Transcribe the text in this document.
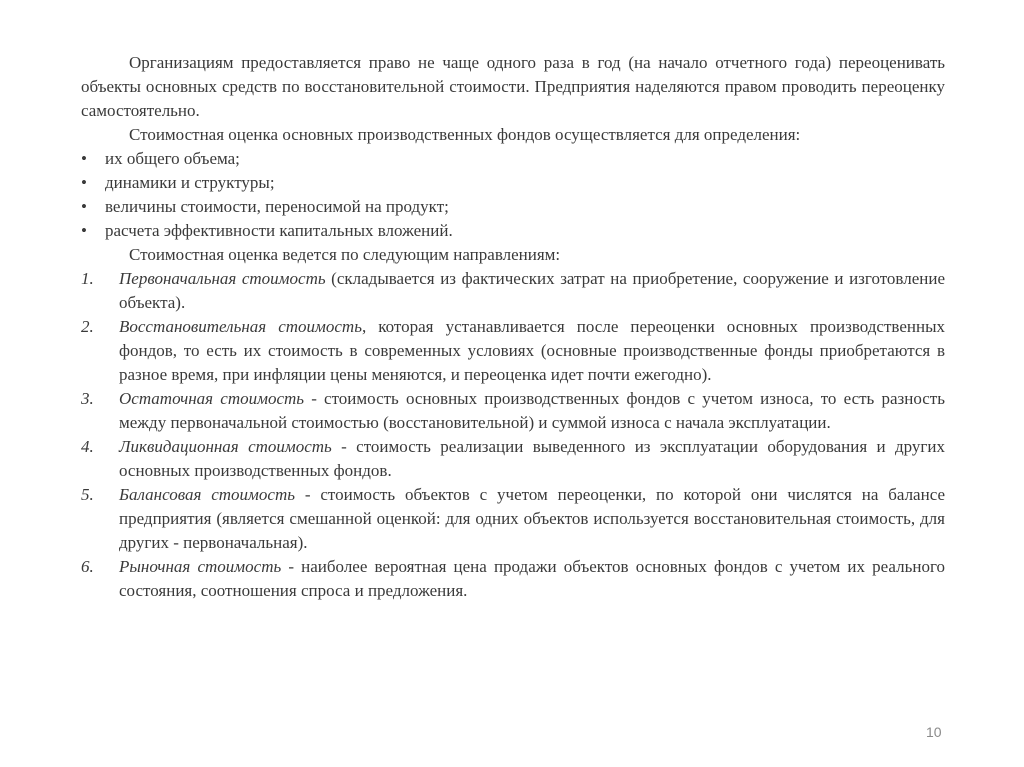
Организациям предоставляется право не чаще одного раза в год (на начало отчетного года) переоценивать объекты основных средств по восстановительной стоимости. Предприятия наделяются правом проводить переоценку самостоятельно.

Стоимостная оценка основных производственных фондов осуществляется для определения:

• их общего объема;
• динамики и структуры;
• величины стоимости, переносимой на продукт;
• расчета эффективности капитальных вложений.

Стоимостная оценка ведется по следующим направлениям:

1. Первоначальная стоимость (складывается из фактических затрат на приобретение, сооружение и изготовление объекта).
2. Восстановительная стоимость, которая устанавливается после переоценки основных производственных фондов, то есть их стоимость в современных условиях (основные производственные фонды приобретаются в разное время, при инфляции цены меняются, и переоценка идет почти ежегодно).
3. Остаточная стоимость - стоимость основных производственных фондов с учетом износа, то есть разность между первоначальной стоимостью (восстановительной) и суммой износа с начала эксплуатации.
4. Ликвидационная стоимость - стоимость реализации выведенного из эксплуатации оборудования и других основных производственных фондов.
5. Балансовая стоимость - стоимость объектов с учетом переоценки, по которой они числятся на балансе предприятия (является смешанной оценкой: для одних объектов используется восстановительная стоимость, для других - первоначальная).
6. Рыночная стоимость - наиболее вероятная цена продажи объектов основных фондов с учетом их реального состояния, соотношения спроса и предложения.
10
